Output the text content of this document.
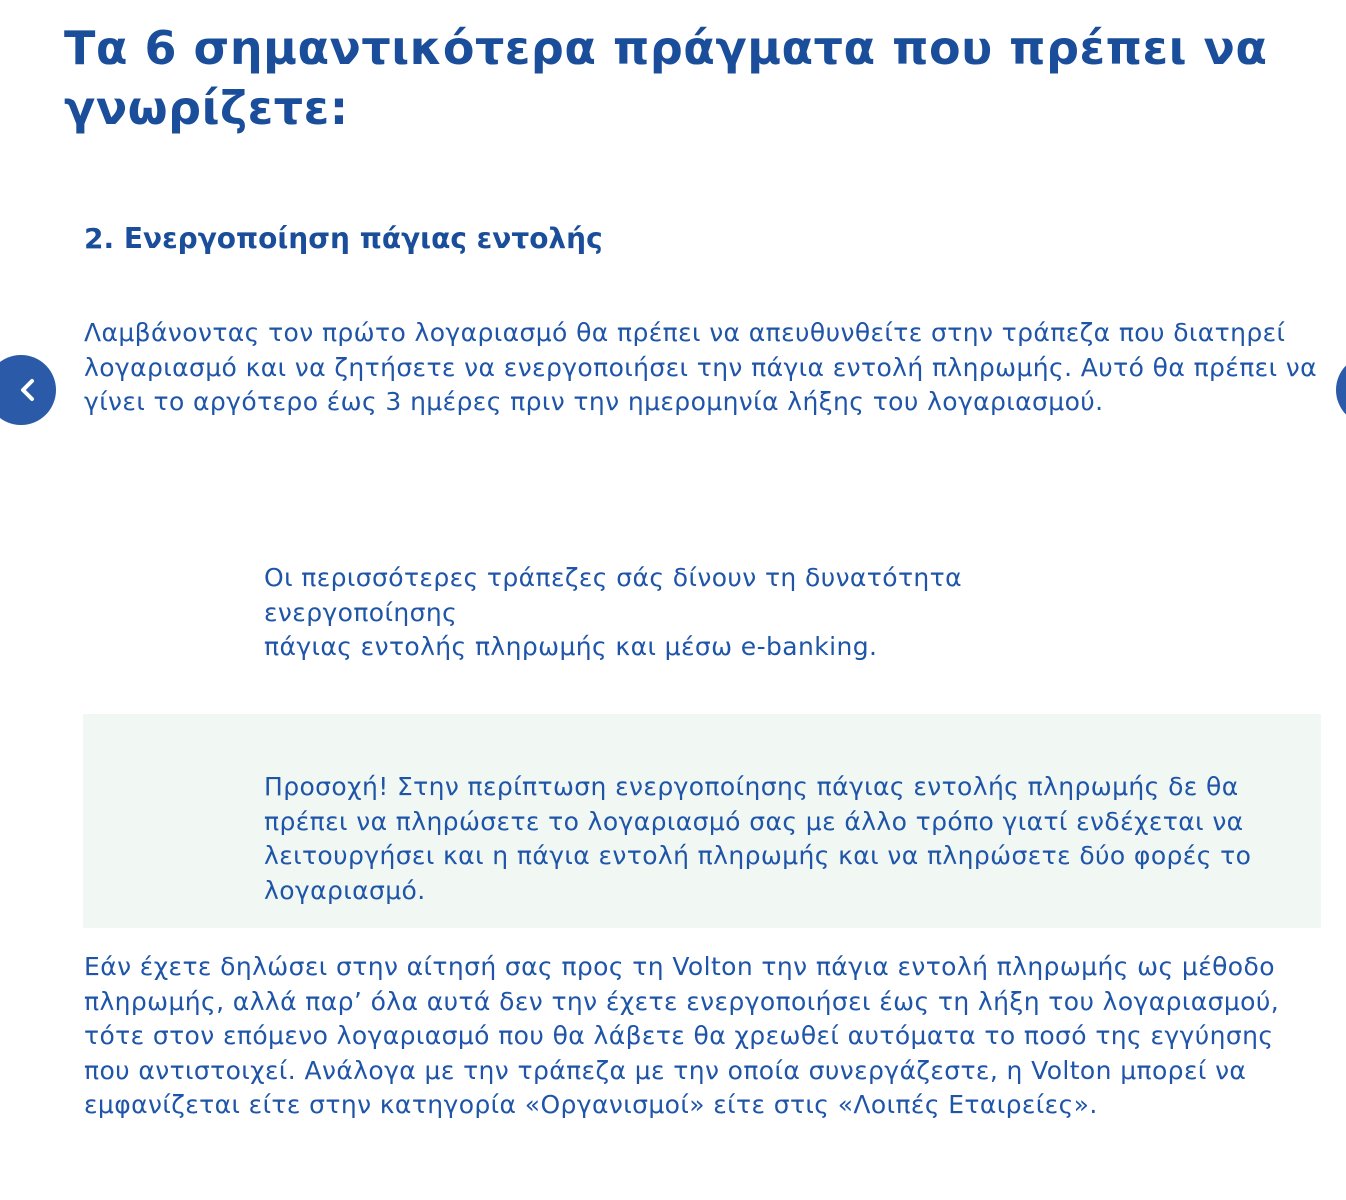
Τα 6 σημαντικότερα πράγματα που πρέπει να γνωρίζετε:
2. Ενεργοποίηση πάγιας εντολής

Λαμβάνοντας τον πρώτο λογαριασμό θα πρέπει να απευθυνθείτε στην τράπεζα που διατηρεί λογαριασμό και να ζητήσετε να ενεργοποιήσει την πάγια εντολή πληρωμής. Αυτό θα πρέπει να γίνει το αργότερο έως 3 ημέρες πριν την ημερομηνία λήξης του λογαριασμού.

Οι περισσότερες τράπεζες σάς δίνουν τη δυνατότητα ενεργοποίησης
πάγιας εντολής πληρωμής και μέσω e-banking.

Προσοχή! Στην περίπτωση ενεργοποίησης πάγιας εντολής πληρωμής δε θα πρέπει να πληρώσετε το λογαριασμό σας με άλλο τρόπο γιατί ενδέχεται να λειτουργήσει και η πάγια εντολή πληρωμής και να πληρώσετε δύο φορές το λογαριασμό.

Εάν έχετε δηλώσει στην αίτησή σας προς τη Volton την πάγια εντολή πληρωμής ως μέθοδο πληρωμής, αλλά παρ’ όλα αυτά δεν την έχετε ενεργοποιήσει έως τη λήξη του λογαριασμού, τότε στον επόμενο λογαριασμό που θα λάβετε θα χρεωθεί αυτόματα το ποσό της εγγύησης που αντιστοιχεί. Ανάλογα με την τράπεζα με την οποία συνεργάζεστε, η Volton μπορεί να εμφανίζεται είτε στην κατηγορία «Οργανισμοί» είτε στις «Λοιπές Εταιρείες».
